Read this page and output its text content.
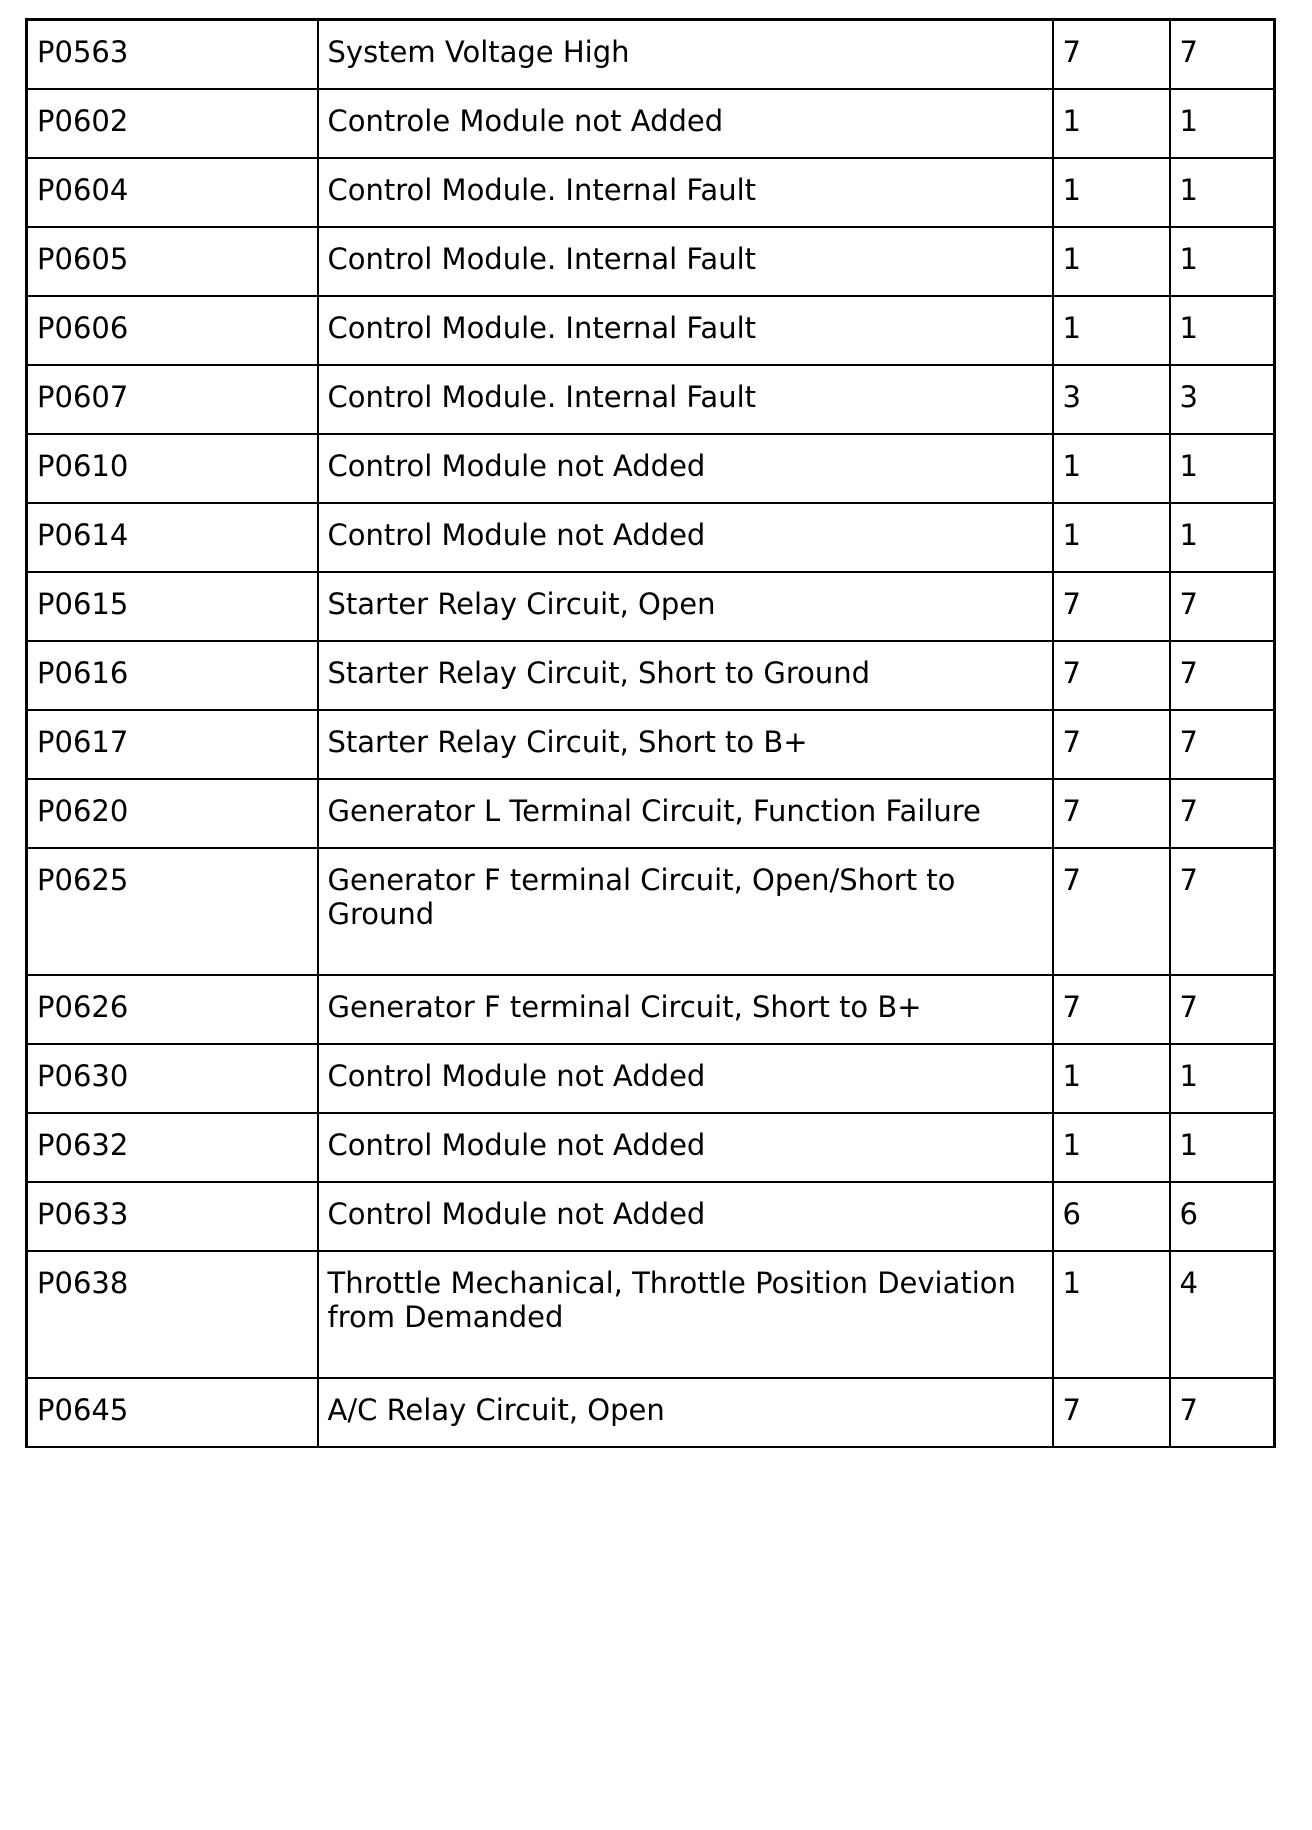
P0563	System Voltage High	7	7
P0602	Controle Module not Added	1	1
P0604	Control Module. Internal Fault	1	1
P0605	Control Module. Internal Fault	1	1
P0606	Control Module. Internal Fault	1	1
P0607	Control Module. Internal Fault	3	3
P0610	Control Module not Added	1	1
P0614	Control Module not Added	1	1
P0615	Starter Relay Circuit, Open	7	7
P0616	Starter Relay Circuit, Short to Ground	7	7
P0617	Starter Relay Circuit, Short to B+	7	7
P0620	Generator L Terminal Circuit, Function Failure	7	7
P0625	Generator F terminal Circuit, Open/Short to Ground	7	7
P0626	Generator F terminal Circuit, Short to B+	7	7
P0630	Control Module not Added	1	1
P0632	Control Module not Added	1	1
P0633	Control Module not Added	6	6
P0638	Throttle Mechanical, Throttle Position Deviation from Demanded	1	4
P0645	A/C Relay Circuit, Open	7	7
